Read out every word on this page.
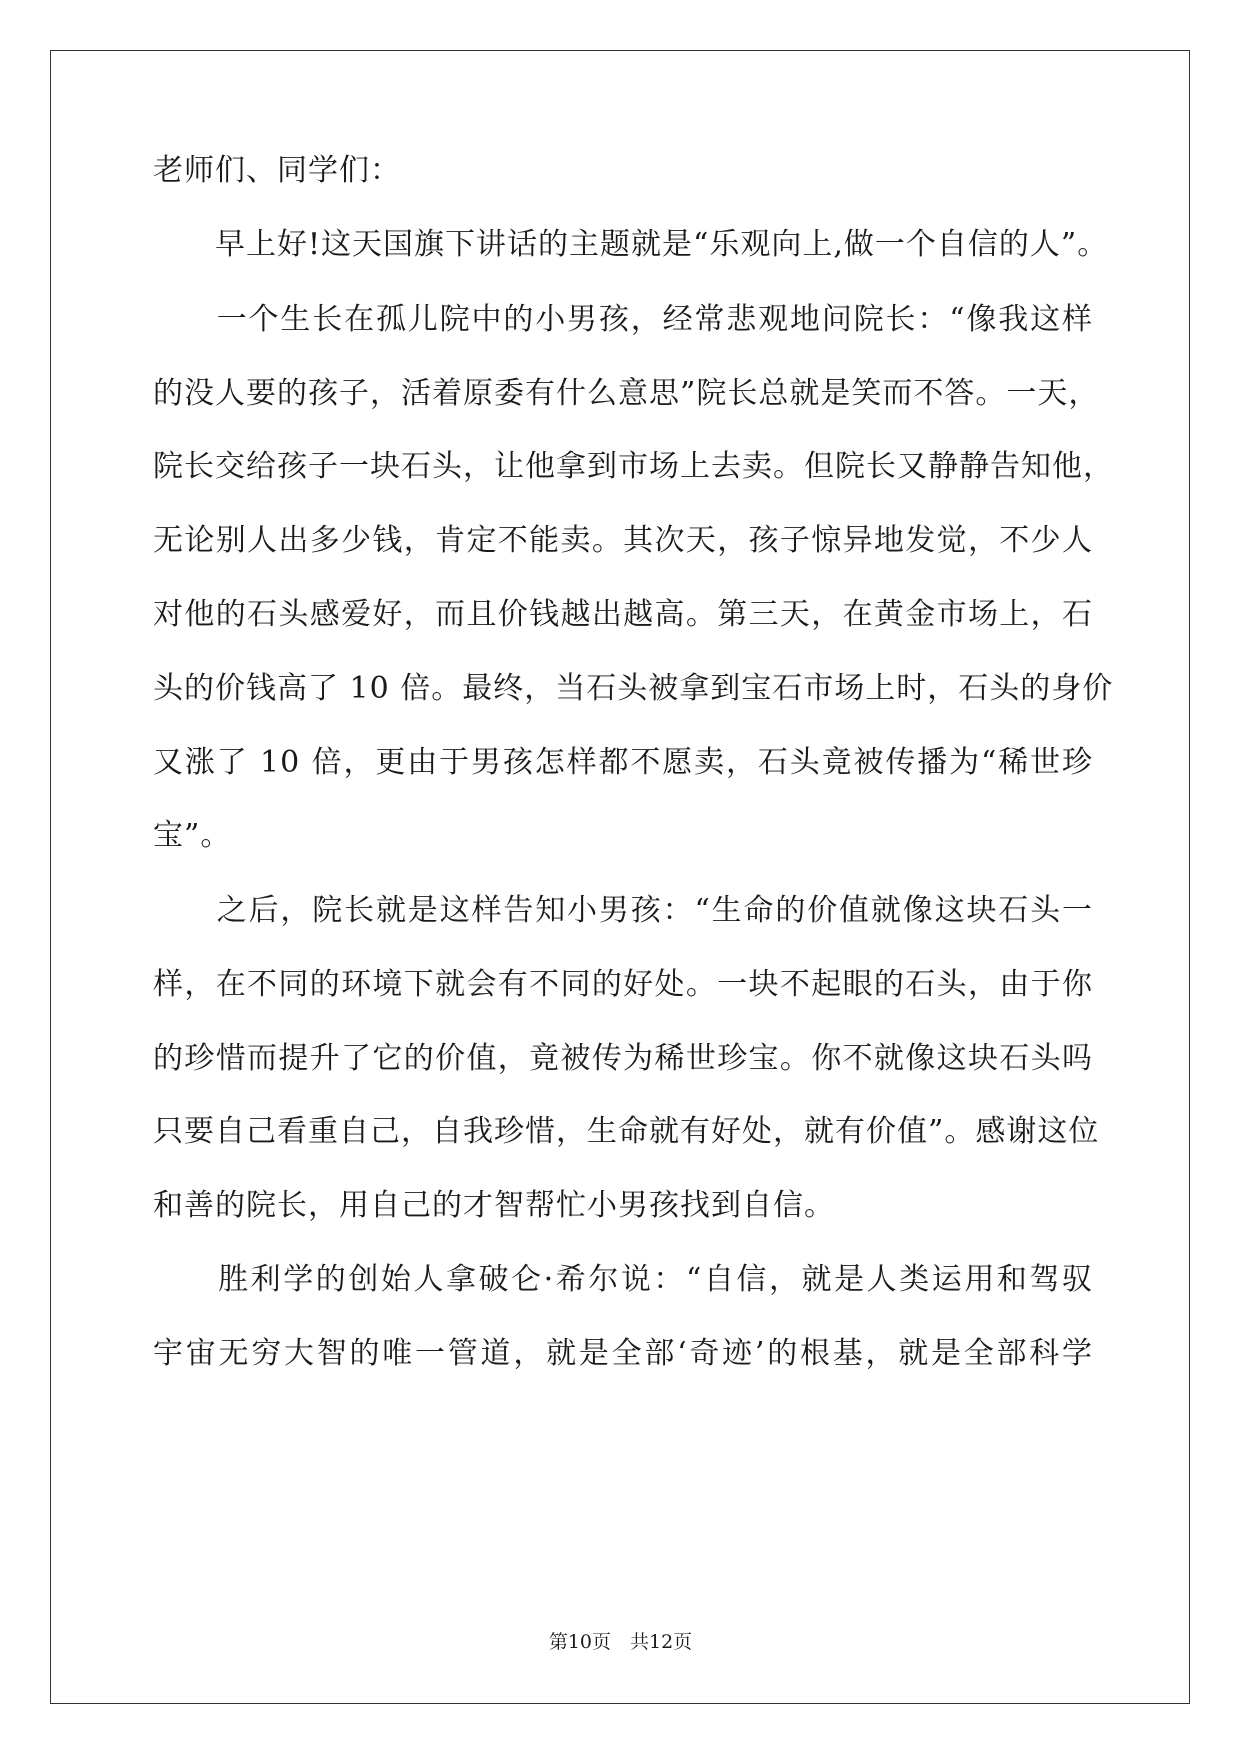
老师们、同学们：
　　早上好!这天国旗下讲话的主题就是“乐观向上,做一个自信的人”。
　　一个生长在孤儿院中的小男孩，经常悲观地问院长：“像我这样
的没人要的孩子，活着原委有什么意思”院长总就是笑而不答。一天，
院长交给孩子一块石头，让他拿到市场上去卖。但院长又静静告知他，
无论别人出多少钱，肯定不能卖。其次天，孩子惊异地发觉，不少人
对他的石头感爱好，而且价钱越出越高。第三天，在黄金市场上，石
头的价钱高了 10 倍。最终，当石头被拿到宝石市场上时，石头的身价
又涨了 10 倍，更由于男孩怎样都不愿卖，石头竟被传播为“稀世珍
宝”。
　　之后，院长就是这样告知小男孩：“生命的价值就像这块石头一
样，在不同的环境下就会有不同的好处。一块不起眼的石头，由于你
的珍惜而提升了它的价值，竟被传为稀世珍宝。你不就像这块石头吗
只要自己看重自己，自我珍惜，生命就有好处，就有价值”。感谢这位
和善的院长，用自己的才智帮忙小男孩找到自信。
　　胜利学的创始人拿破仑·希尔说：“自信，就是人类运用和驾驭
宇宙无穷大智的唯一管道，就是全部‘奇迹’的根基，就是全部科学
第10页　共12页
